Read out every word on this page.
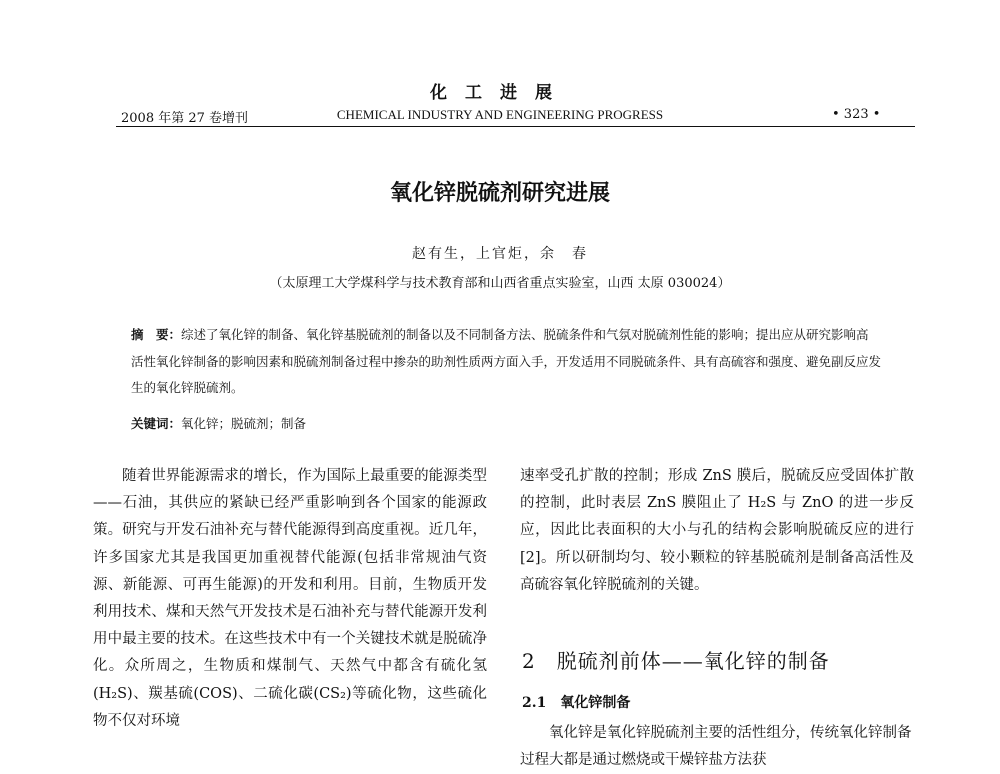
化工进展
2008 年第 27 卷增刊	CHEMICAL INDUSTRY AND ENGINEERING PROGRESS	• 323 •
氧化锌脱硫剂研究进展
赵有生，上官炬，余　春
（太原理工大学煤科学与技术教育部和山西省重点实验室，山西 太原 030024）
摘　要：综述了氧化锌的制备、氧化锌基脱硫剂的制备以及不同制备方法、脱硫条件和气氛对脱硫剂性能的影响；提出应从研究影响高活性氧化锌制备的影响因素和脱硫剂制备过程中掺杂的助剂性质两方面入手，开发适用不同脱硫条件、具有高硫容和强度、避免副反应发生的氧化锌脱硫剂。
关键词：氧化锌；脱硫剂；制备

随着世界能源需求的增长，作为国际上最重要的能源类型——石油，其供应的紧缺已经严重影响到各个国家的能源政策。研究与开发石油补充与替代能源得到高度重视。近几年，许多国家尤其是我国更加重视替代能源(包括非常规油气资源、新能源、可再生能源)的开发和利用。目前，生物质开发利用技术、煤和天然气开发技术是石油补充与替代能源开发利用中最主要的技术。在这些技术中有一个关键技术就是脱硫净化。众所周之，生物质和煤制气、天然气中都含有硫化氢(H₂S)、羰基硫(COS)、二硫化碳(CS₂)等硫化物，这些硫化物不仅对环境

速率受孔扩散的控制；形成 ZnS 膜后，脱硫反应受固体扩散的控制，此时表层 ZnS 膜阻止了 H₂S 与 ZnO 的进一步反应，因此比表面积的大小与孔的结构会影响脱硫反应的进行[2]。所以研制均匀、较小颗粒的锌基脱硫剂是制备高活性及高硫容氧化锌脱硫剂的关键。

2　脱硫剂前体——氧化锌的制备
2.1　氧化锌制备
氧化锌是氧化锌脱硫剂主要的活性组分，传统氧化锌制备过程大都是通过燃烧或干燥锌盐方法获
